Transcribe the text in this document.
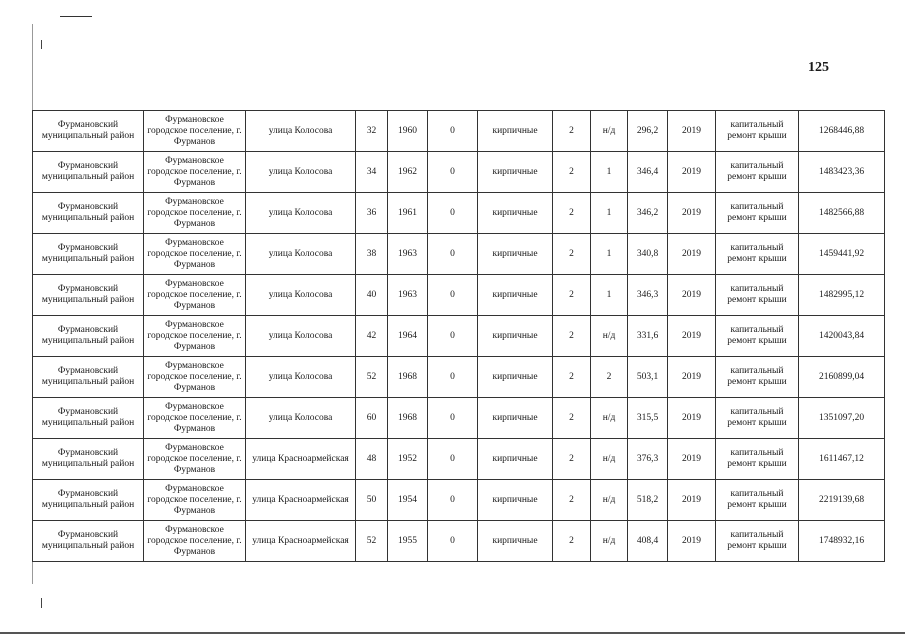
125
Фурмановский муниципальный район	Фурмановское городское поселение, г. Фурманов	улица Колосова	32	1960	0	кирпичные	2	н/д	296,2	2019	капитальный ремонт крыши	1268446,88
Фурмановский муниципальный район	Фурмановское городское поселение, г. Фурманов	улица Колосова	34	1962	0	кирпичные	2	1	346,4	2019	капитальный ремонт крыши	1483423,36
Фурмановский муниципальный район	Фурмановское городское поселение, г. Фурманов	улица Колосова	36	1961	0	кирпичные	2	1	346,2	2019	капитальный ремонт крыши	1482566,88
Фурмановский муниципальный район	Фурмановское городское поселение, г. Фурманов	улица Колосова	38	1963	0	кирпичные	2	1	340,8	2019	капитальный ремонт крыши	1459441,92
Фурмановский муниципальный район	Фурмановское городское поселение, г. Фурманов	улица Колосова	40	1963	0	кирпичные	2	1	346,3	2019	капитальный ремонт крыши	1482995,12
Фурмановский муниципальный район	Фурмановское городское поселение, г. Фурманов	улица Колосова	42	1964	0	кирпичные	2	н/д	331,6	2019	капитальный ремонт крыши	1420043,84
Фурмановский муниципальный район	Фурмановское городское поселение, г. Фурманов	улица Колосова	52	1968	0	кирпичные	2	2	503,1	2019	капитальный ремонт крыши	2160899,04
Фурмановский муниципальный район	Фурмановское городское поселение, г. Фурманов	улица Колосова	60	1968	0	кирпичные	2	н/д	315,5	2019	капитальный ремонт крыши	1351097,20
Фурмановский муниципальный район	Фурмановское городское поселение, г. Фурманов	улица Красноармейская	48	1952	0	кирпичные	2	н/д	376,3	2019	капитальный ремонт крыши	1611467,12
Фурмановский муниципальный район	Фурмановское городское поселение, г. Фурманов	улица Красноармейская	50	1954	0	кирпичные	2	н/д	518,2	2019	капитальный ремонт крыши	2219139,68
Фурмановский муниципальный район	Фурмановское городское поселение, г. Фурманов	улица Красноармейская	52	1955	0	кирпичные	2	н/д	408,4	2019	капитальный ремонт крыши	1748932,16
